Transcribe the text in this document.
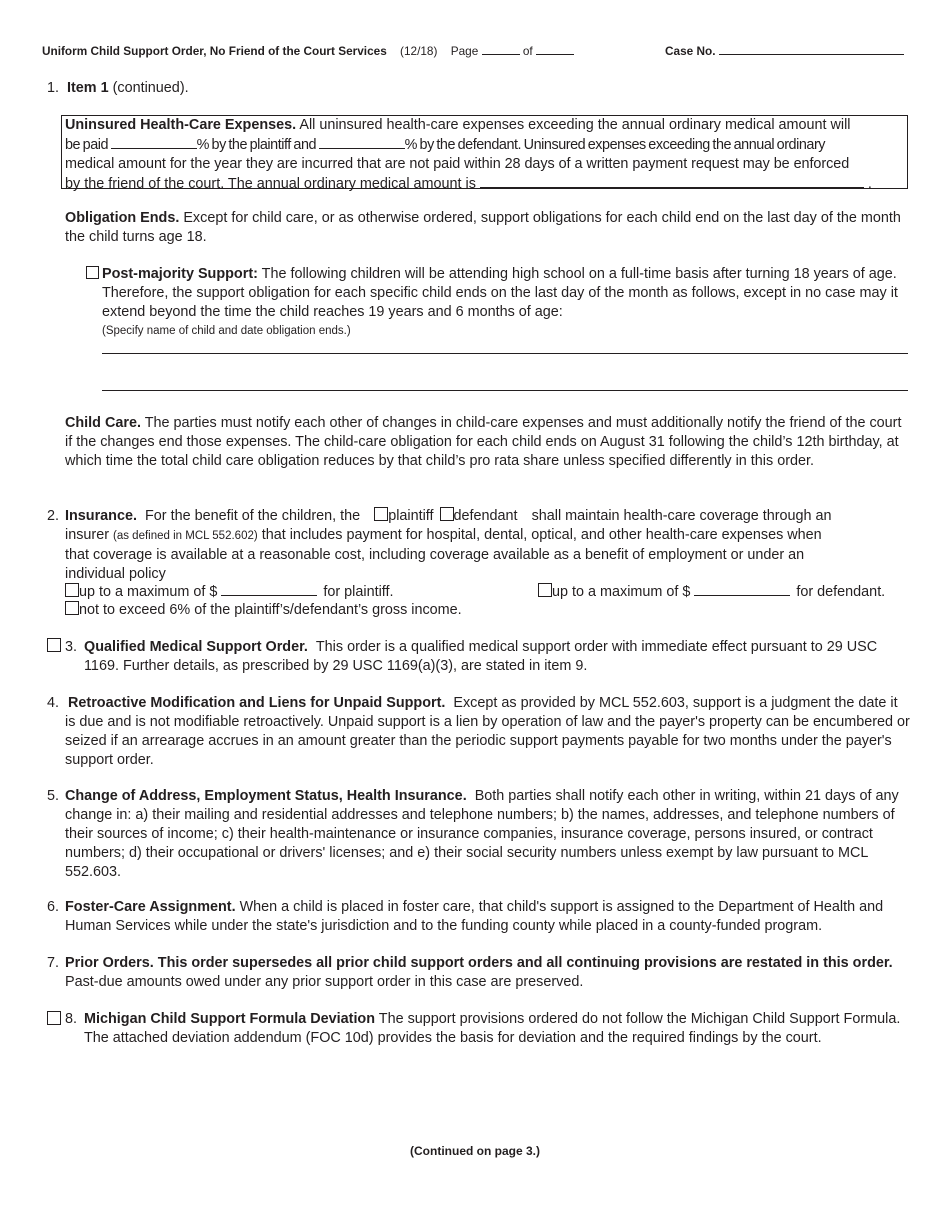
Uniform Child Support Order, No Friend of the Court Services (12/18) Page	of	Case No.
1. Item 1 (continued).
Uninsured Health-Care Expenses. All uninsured health-care expenses exceeding the annual ordinary medical amount will
be paid	% by the plaintiff and	% by the defendant. Uninsured expenses exceeding the annual ordinary
medical amount for the year they are incurred that are not paid within 28 days of a written payment request may be enforced
by the friend of the court. The annual ordinary medical amount is	.
Obligation Ends. Except for child care, or as otherwise ordered, support obligations for each child end on the last day of the month the child turns age 18.
Post-majority Support: The following children will be attending high school on a full-time basis after turning 18 years of age. Therefore, the support obligation for each specific child ends on the last day of the month as follows, except in no case may it extend beyond the time the child reaches 19 years and 6 months of age:
(Specify name of child and date obligation ends.)
Child Care. The parties must notify each other of changes in child-care expenses and must additionally notify the friend of the court if the changes end those expenses. The child-care obligation for each child ends on August 31 following the child’s 12th birthday, at which time the total child care obligation reduces by that child’s pro rata share unless specified differently in this order.
2. Insurance. For the benefit of the children, the plaintiff defendant shall maintain health-care coverage through an
insurer (as defined in MCL 552.602) that includes payment for hospital, dental, optical, and other health-care expenses when
that coverage is available at a reasonable cost, including coverage available as a benefit of employment or under an
individual policy
up to a maximum of $	for plaintiff.	up to a maximum of $	for defendant.
not to exceed 6% of the plaintiff’s/defendant’s gross income.
3. Qualified Medical Support Order. This order is a qualified medical support order with immediate effect pursuant to 29 USC 1169. Further details, as prescribed by 29 USC 1169(a)(3), are stated in item 9.
4. Retroactive Modification and Liens for Unpaid Support. Except as provided by MCL 552.603, support is a judgment the date it is due and is not modifiable retroactively. Unpaid support is a lien by operation of law and the payer's property can be encumbered or seized if an arrearage accrues in an amount greater than the periodic support payments payable for two months under the payer's support order.
5. Change of Address, Employment Status, Health Insurance. Both parties shall notify each other in writing, within 21 days of any change in: a) their mailing and residential addresses and telephone numbers; b) the names, addresses, and telephone numbers of their sources of income; c) their health-maintenance or insurance companies, insurance coverage, persons insured, or contract numbers; d) their occupational or drivers' licenses; and e) their social security numbers unless exempt by law pursuant to MCL 552.603.
6. Foster-Care Assignment. When a child is placed in foster care, that child's support is assigned to the Department of Health and Human Services while under the state's jurisdiction and to the funding county while placed in a county-funded program.
7. Prior Orders. This order supersedes all prior child support orders and all continuing provisions are restated in this order. Past-due amounts owed under any prior support order in this case are preserved.
8. Michigan Child Support Formula Deviation The support provisions ordered do not follow the Michigan Child Support Formula. The attached deviation addendum (FOC 10d) provides the basis for deviation and the required findings by the court.
(Continued on page 3.)
